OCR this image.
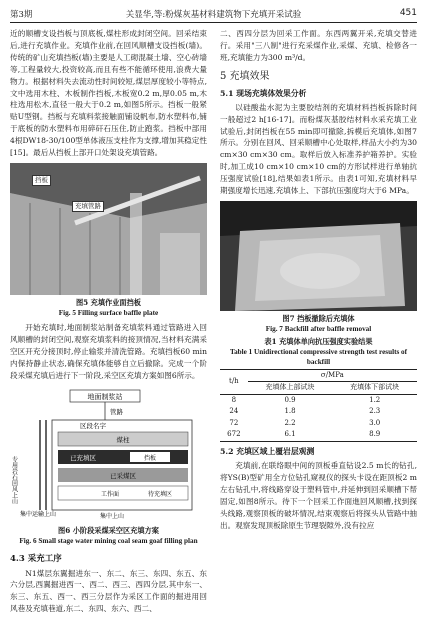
第3期	关显华,等:粉煤灰基材料建筑物下充填开采试验	451

近的顺槽支设挡板与顶底板,煤柱形成封闭空间。回采结束后,进行充填作业。充填作业前,在回风顺槽支设挡板(墙)。传统的矿山充填挡板(墙)主要是人工砌混凝土墙、空心砖墙等,工程量较大,投资较高,而且有些不能循环使用,浪费大量物力。根据材料失去流动性时间较短,煤层厚度较小等特点,文中选用木柱、木板制作挡板,木板宽0.2 m,厚0.05 m,木柱选用松木,直径一般大于0.2 m,如图5所示。挡板一般紧贴U型钢。挡板与充填料浆接触面铺设帆布,防水塑料布,铺于底板的防水塑料布用碎矸石压住,防止跑浆。挡板中部用4根DW18-30/100型单体液压支柱作为支撑,增加其稳定性[15]。最后从挡板上部开口处架设充填管路。

挡板
充填管路
图5 充填作业面挡板
Fig. 5 Filling surface baffle plate

开始充填时,地面制浆站制备充填浆料通过管路进入回风顺槽的封闭空间,观察充填浆料的接顶情况,当材料充满采空区开充分接顶时,停止输浆并清洗管路。充填挡板60 min内保持静止状态,确保充填体能够自立后撤除。完成一个阶段采煤充填后进行下一阶段,采空区充填方案如图6所示。

地面制浆站
管路
区段名字
煤柱
已充填区	挡板
已采煤区
待充填区
工作面
专用岩石回风上山
集中运输上山	集中上山
图6 小阶段采煤采空区充填方案
Fig. 6 Small stage water mining coal seam goaf filling plan
4.3 采充工序

N1煤层东翼掘进东一、东二、东三、东四、东五、东六分层,西翼掘进西一、西二、西三、西四分层,其中东一、东三、东五、西一、西三分层作为采区工作面的掘进用回风巷及充填巷道,东二、东四、东六、西二、

二、西四分层为回采工作面。东西两翼开采,充填交替进行。采用"三八制"进行充采煤作业,采煤、充填、检修各一班,充填能力为300 m³/d。

5 充填效果
5.1 现场充填体效果分析

以硅酸盐水泥为主要胶结剂的充填材料挡板拆除时间一般超过2 h[16-17]。而粉煤灰基胶结材料水采充填工业试验后,封闭挡板在55 min即可撤除,拆模后充填体,如图7所示。分别在回风、回采顺槽中心处取样,样品大小约为30 cm×30 cm×30 cm。取样后放入标准养护箱养护。实验时,加工成10 cm×10 cm×10 cm的方形试样进行单轴抗压强度试验[18],结果如表1所示。由表1可知,充填材料早期强度增长迅速,充填体上、下部抗压强度均大于6 MPa。

图7 挡板撤除后充填体
Fig. 7 Backfill after baffle removal
表1 充填体单向抗压强度实验结果
Table 1 Unidirectional compressive strength test results of backfill
t/h	σ/MPa	
	充填体上部试块	充填体下部试块
8	0.9	1.2
24	1.8	2.3
72	2.2	3.0
672	6.1	8.9
5.2 充填区域上覆岩层观测

充填前,在联络眼中间的顶板垂直钻设2.5 m长的钻孔,将YS(B)型矿用全方位钻孔窥视仪的探头卡设在距顶板2 m左右钻孔中,将线路穿设于塑料管中,并延伸到回采顺槽下帮固定,如图8所示。待下一个回采工作面進回风顺槽,找到探头线路,观察顶板的破坏情况,结束观察后将探头从管路中抽出。观察发现顶板除原生节理裂隙外,没有拉应
